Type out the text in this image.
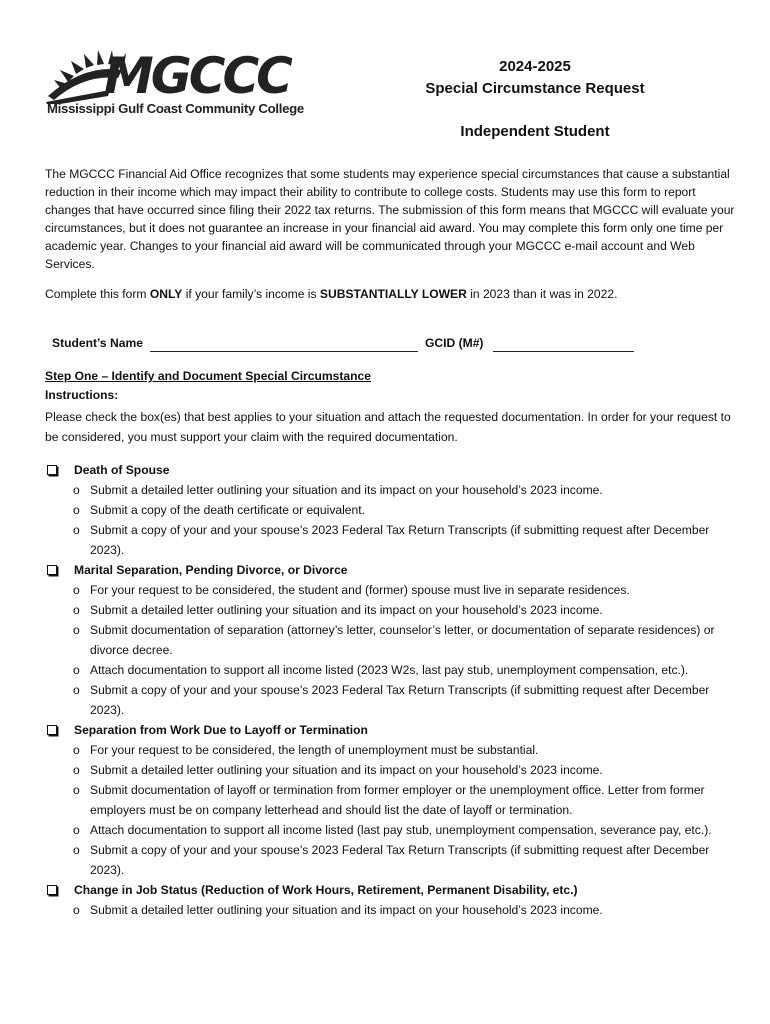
MGCCC
Mississippi Gulf Coast Community College
2024-2025
Special Circumstance Request
Independent Student

The MGCCC Financial Aid Office recognizes that some students may experience special circumstances that cause a substantial reduction in their income which may impact their ability to contribute to college costs. Students may use this form to report changes that have occurred since filing their 2022 tax returns. The submission of this form means that MGCCC will evaluate your circumstances, but it does not guarantee an increase in your financial aid award. You may complete this form only one time per academic year. Changes to your financial aid award will be communicated through your MGCCC e-mail account and Web Services.

Complete this form ONLY if your family’s income is SUBSTANTIALLY LOWER in 2023 than it was in 2022.

Student’s Name	GCID (M#)

Step One – Identify and Document Special Circumstance

Instructions:

Please check the box(es) that best applies to your situation and attach the requested documentation. In order for your request to be considered, you must support your claim with the required documentation.

Death of Spouse
o Submit a detailed letter outlining your situation and its impact on your household’s 2023 income.
o Submit a copy of the death certificate or equivalent.
o Submit a copy of your and your spouse’s 2023 Federal Tax Return Transcripts (if submitting request after December 2023).
Marital Separation, Pending Divorce, or Divorce
o For your request to be considered, the student and (former) spouse must live in separate residences.
o Submit a detailed letter outlining your situation and its impact on your household’s 2023 income.
o Submit documentation of separation (attorney’s letter, counselor’s letter, or documentation of separate residences) or divorce decree.
o Attach documentation to support all income listed (2023 W2s, last pay stub, unemployment compensation, etc.).
o Submit a copy of your and your spouse’s 2023 Federal Tax Return Transcripts (if submitting request after December 2023).
Separation from Work Due to Layoff or Termination
o For your request to be considered, the length of unemployment must be substantial.
o Submit a detailed letter outlining your situation and its impact on your household’s 2023 income.
o Submit documentation of layoff or termination from former employer or the unemployment office. Letter from former employers must be on company letterhead and should list the date of layoff or termination.
o Attach documentation to support all income listed (last pay stub, unemployment compensation, severance pay, etc.).
o Submit a copy of your and your spouse’s 2023 Federal Tax Return Transcripts (if submitting request after December 2023).
Change in Job Status (Reduction of Work Hours, Retirement, Permanent Disability, etc.)
o Submit a detailed letter outlining your situation and its impact on your household’s 2023 income.
